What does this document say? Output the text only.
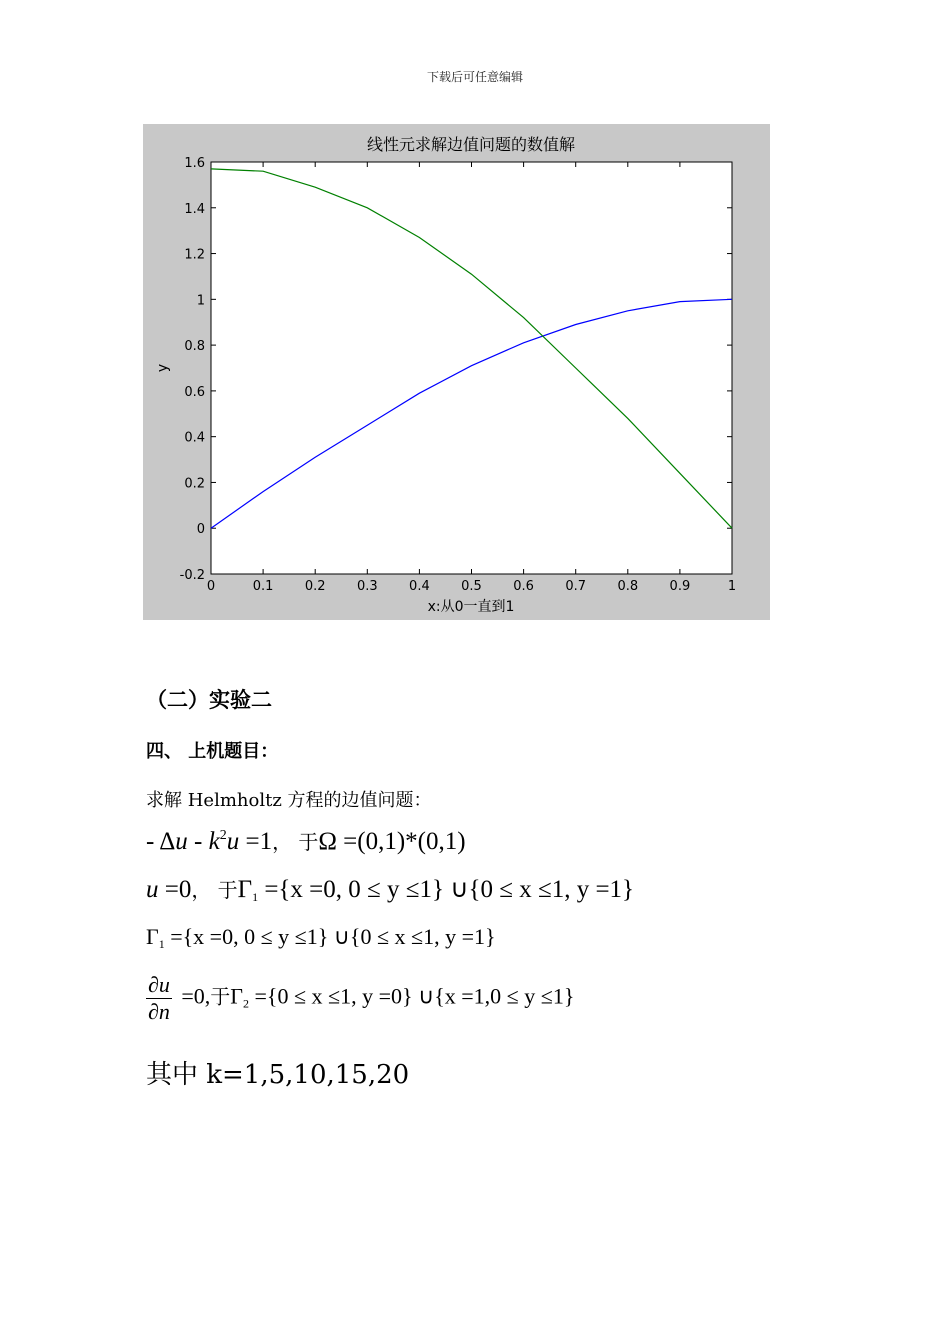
下载后可任意编辑
线性元求解边值问题的数值解
x:从0一直到1
y
0	0.1 0.2 0.3 0.4 0.5 0.6 0.7 0.8 0.9	1
-0.2
0
0.2
0.4
0.6
0.8
1
1.2
1.4
1.6
（二）实验二
四、 上机题目：
求解 Helmholtz 方程的边值问题：
- $\Delta u - k^2u =1$， 于Ω =(0,1)*(0,1)
u =0， 于$\Gamma_1 =\{x =0$, 0 ≤ y ≤1} ∪{0 ≤ x ≤1, y =1}
$\Gamma_1 =\{x =0$, 0 ≤ y ≤1} ∪{0 ≤ x ≤1, y =1}
$\frac{\partial u}{\partial n} =0$,于$\Gamma_2 =\{0 \le x \le 1$, y =0} ∪{x =1,0 ≤ y ≤1}
其中 k=1,5,10,15,20
